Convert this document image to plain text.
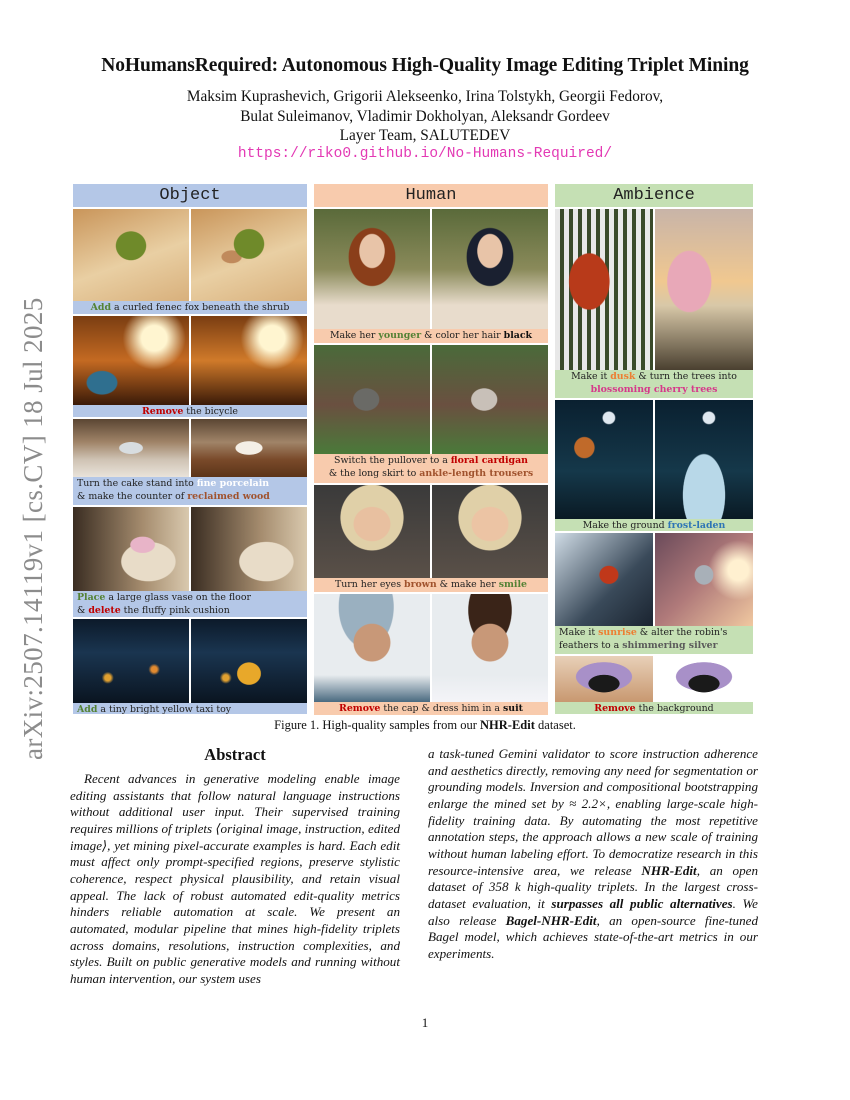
NoHumansRequired: Autonomous High-Quality Image Editing Triplet Mining
Maksim Kuprashevich, Grigorii Alekseenko, Irina Tolstykh, Georgii Fedorov,
Bulat Suleimanov, Vladimir Dokholyan, Aleksandr Gordeev
Layer Team, SALUTEDEV
https://riko0.github.io/No-Humans-Required/
arXiv:2507.14119v1 [cs.CV] 18 Jul 2025
Object
Add a curled fenec fox beneath the shrub
Remove the bicycle
Turn the cake stand into fine porcelain
& make the counter of reclaimed wood
Place a large glass vase on the floor
& delete the fluffy pink cushion
Add a tiny bright yellow taxi toy
Human
Make her younger & color her hair black
Switch the pullover to a floral cardigan
& the long skirt to ankle-length trousers
Turn her eyes brown & make her smile
Remove the cap & dress him in a suit
Ambience
Make it dusk & turn the trees into
blossoming cherry trees
Make the ground frost-laden
Make it sunrise & alter the robin's
feathers to a shimmering silver
Remove the background
Figure 1. High-quality samples from our NHR-Edit dataset.
Abstract
Recent advances in generative modeling enable image editing assistants that follow natural language instructions without additional user input. Their supervised training requires millions of triplets ⟨original image, instruction, edited image⟩, yet mining pixel-accurate examples is hard. Each edit must affect only prompt-specified regions, preserve stylistic coherence, respect physical plausibility, and retain visual appeal. The lack of robust automated edit-quality metrics hinders reliable automation at scale. We present an automated, modular pipeline that mines high-fidelity triplets across domains, resolutions, instruction complexities, and styles. Built on public generative models and running without human intervention, our system uses
a task-tuned Gemini validator to score instruction adherence and aesthetics directly, removing any need for segmentation or grounding models. Inversion and compositional bootstrapping enlarge the mined set by ≈ 2.2×, enabling large-scale high-fidelity training data. By automating the most repetitive annotation steps, the approach allows a new scale of training without human labeling effort. To democratize research in this resource-intensive area, we release NHR-Edit, an open dataset of 358 k high-quality triplets. In the largest cross-dataset evaluation, it surpasses all public alternatives. We also release Bagel-NHR-Edit, an open-source fine-tuned Bagel model, which achieves state-of-the-art metrics in our experiments.
1
